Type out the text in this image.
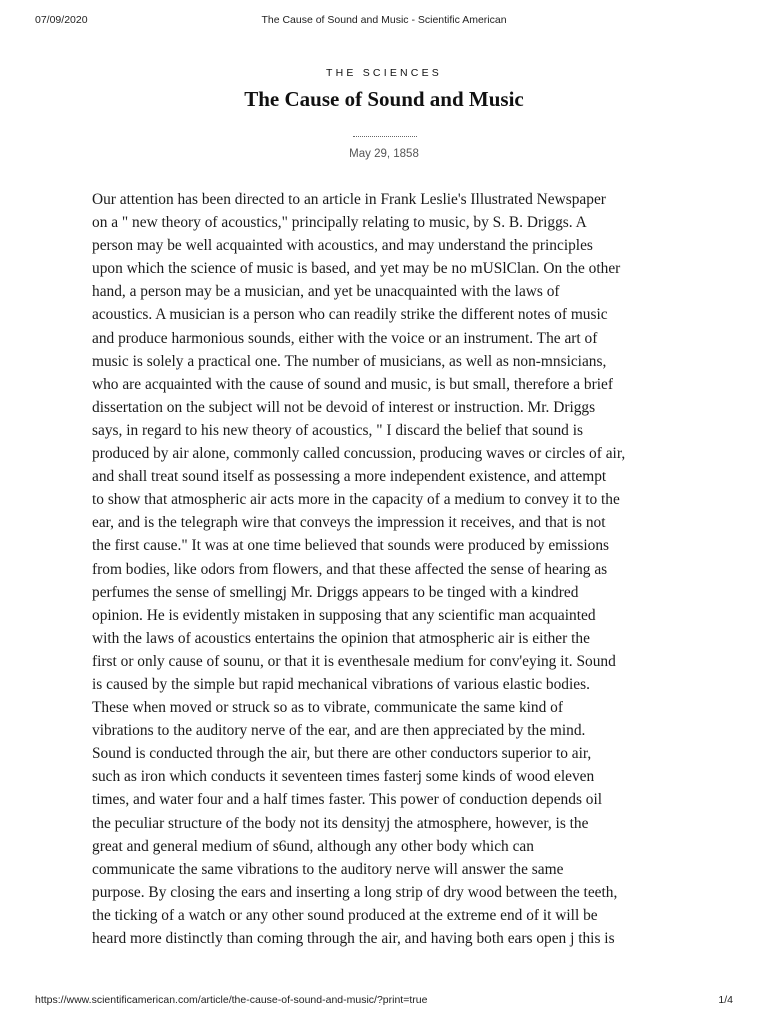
07/09/2020	The Cause of Sound and Music - Scientific American
THE SCIENCES
The Cause of Sound and Music
May 29, 1858
Our attention has been directed to an article in Frank Leslie's Illustrated Newspaper
on a " new theory of acoustics," principally relating to music, by S. B. Driggs. A
person may be well acquainted with acoustics, and may understand the principles
upon which the science of music is based, and yet may be no mUSlClan. On the other
hand, a person may be a musician, and yet be unacquainted with the laws of
acoustics. A musician is a person who can readily strike the different notes of music
and produce harmonious sounds, either with the voice or an instrument. The art of
music is solely a practical one. The number of musicians, as well as non-mnsicians,
who are acquainted with the cause of sound and music, is but small, therefore a brief
dissertation on the subject will not be devoid of interest or instruction. Mr. Driggs
says, in regard to his new theory of acoustics, " I discard the belief that sound is
produced by air alone, commonly called concussion, producing waves or circles of air,
and shall treat sound itself as possessing a more independent existence, and attempt
to show that atmospheric air acts more in the capacity of a medium to convey it to the
ear, and is the telegraph wire that conveys the impression it receives, and that is not
the first cause." It was at one time believed that sounds were produced by emissions
from bodies, like odors from flowers, and that these affected the sense of hearing as
perfumes the sense of smellingj Mr. Driggs appears to be tinged with a kindred
opinion. He is evidently mistaken in supposing that any scientific man acquainted
with the laws of acoustics entertains the opinion that atmospheric air is either the
first or only cause of sounu, or that it is eventhesale medium for conv'eying it. Sound
is caused by the simple but rapid mechanical vibrations of various elastic bodies.
These when moved or struck so as to vibrate, communicate the same kind of
vibrations to the auditory nerve of the ear, and are then appreciated by the mind.
Sound is conducted through the air, but there are other conductors superior to air,
such as iron which conducts it seventeen times fasterj some kinds of wood eleven
times, and water four and a half times faster. This power of conduction depends oil
the peculiar structure of the body not its densityj the atmosphere, however, is the
great and general medium of s6und, although any other body which can
communicate the same vibrations to the auditory nerve will answer the same
purpose. By closing the ears and inserting a long strip of dry wood between the teeth,
the ticking of a watch or any other sound produced at the extreme end of it will be
heard more distinctly than coming through the air, and having both ears open j this is
https://www.scientificamerican.com/article/the-cause-of-sound-and-music/?print=true	1/4
